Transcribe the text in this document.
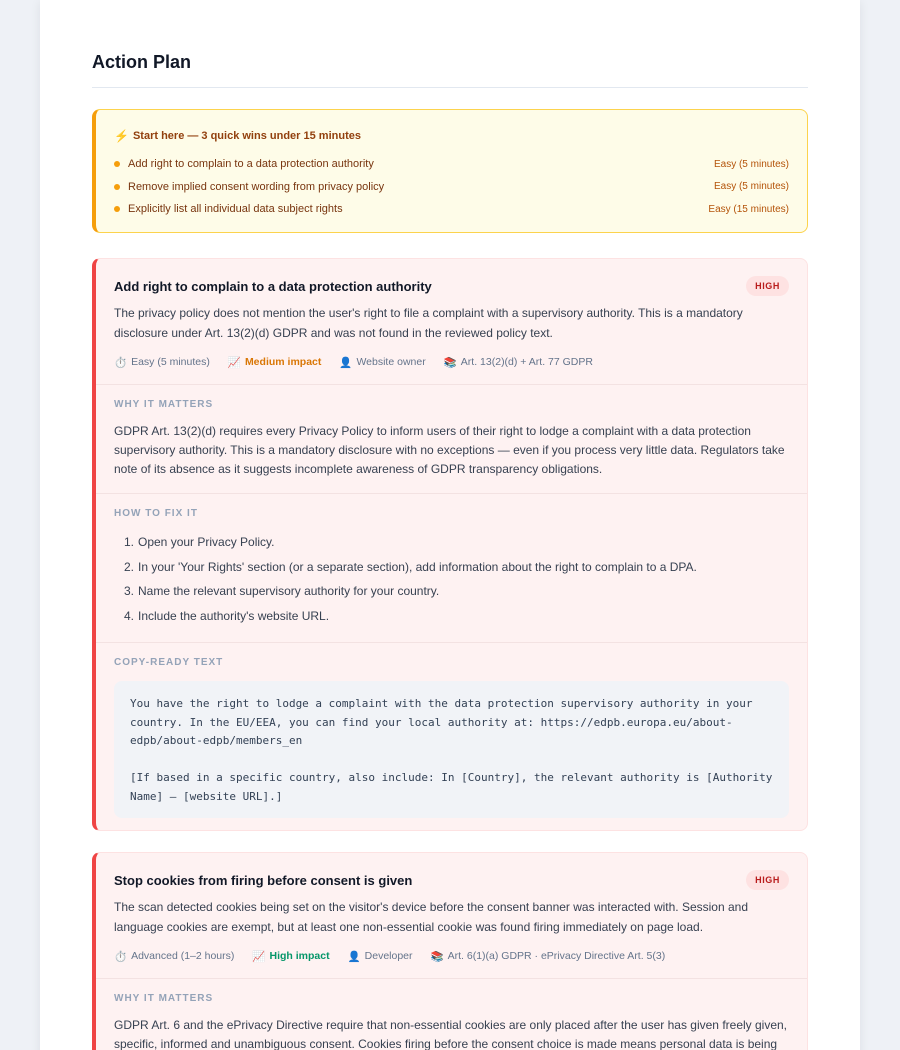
Action Plan
⚡ Start here — 3 quick wins under 15 minutes
Add right to complain to a data protection authority	Easy (5 minutes)
Remove implied consent wording from privacy policy	Easy (5 minutes)
Explicitly list all individual data subject rights	Easy (15 minutes)
Add right to complain to a data protection authority	HIGH

The privacy policy does not mention the user's right to file a complaint with a supervisory authority. This is a mandatory disclosure under Art. 13(2)(d) GDPR and was not found in the reviewed policy text.

⏱️ Easy (5 minutes) 📈 Medium impact 👤 Website owner 📚 Art. 13(2)(d) + Art. 77 GDPR
WHY IT MATTERS

GDPR Art. 13(2)(d) requires every Privacy Policy to inform users of their right to lodge a complaint with a data protection supervisory authority. This is a mandatory disclosure with no exceptions — even if you process very little data. Regulators take note of its absence as it suggests incomplete awareness of GDPR transparency obligations.

HOW TO FIX IT
1. Open your Privacy Policy.
2. In your 'Your Rights' section (or a separate section), add information about the right to complain to a DPA.
3. Name the relevant supervisory authority for your country.
4. Include the authority's website URL.
COPY-READY TEXT
You have the right to lodge a complaint with the data protection supervisory authority in your country. In the EU/EEA, you can find your local authority at: https://edpb.europa.eu/about-edpb/about-edpb/members_en

[If based in a specific country, also include: In [Country], the relevant authority is [Authority Name] — [website URL].]
Stop cookies from firing before consent is given	HIGH

The scan detected cookies being set on the visitor's device before the consent banner was interacted with. Session and language cookies are exempt, but at least one non-essential cookie was found firing immediately on page load.

⏱️ Advanced (1–2 hours) 📈 High impact 👤 Developer 📚 Art. 6(1)(a) GDPR · ePrivacy Directive Art. 5(3)
WHY IT MATTERS

GDPR Art. 6 and the ePrivacy Directive require that non-essential cookies are only placed after the user has given freely given, specific, informed and unambiguous consent. Cookies firing before the consent choice is made means personal data is being
